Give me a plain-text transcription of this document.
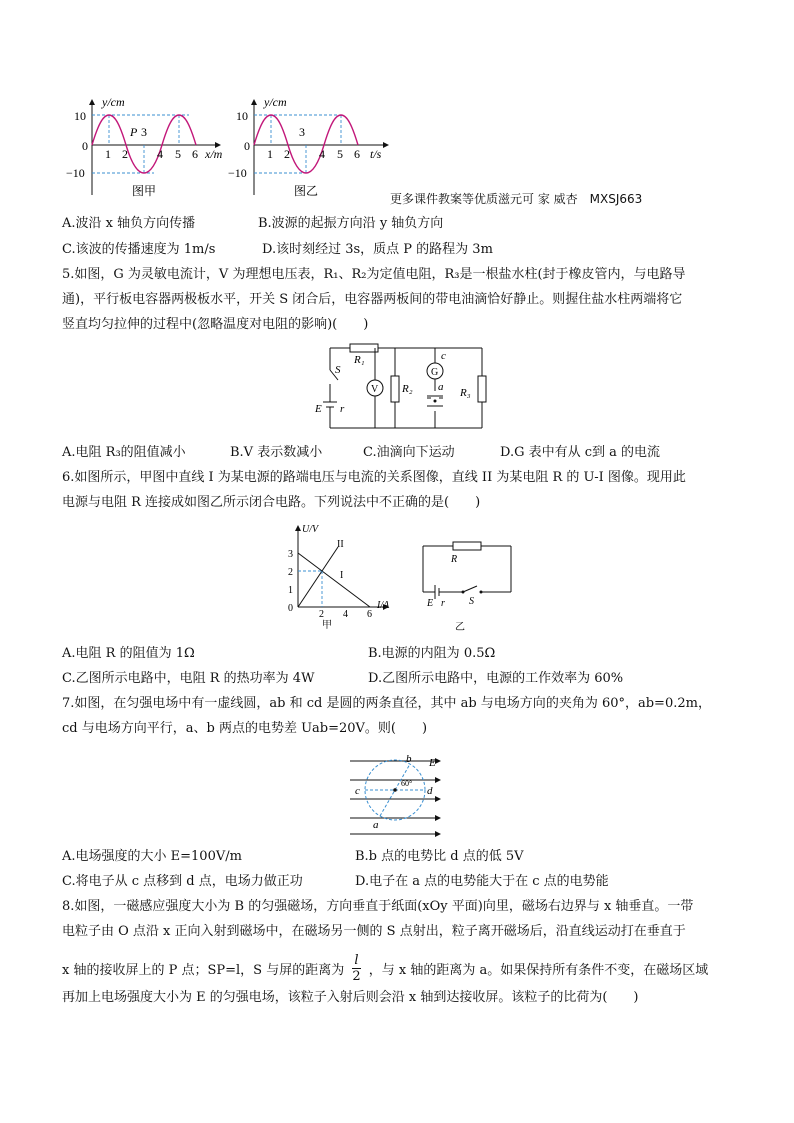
y/cm
10
0
−10
1 2
3
4 5 6
P
x/m
图甲
y/cm
10
0
−10
1 2
3
4 5 6 t/s
图乙
更多课件教案等优质滋元可 家 威杏　MXSJ663
A.波沿 x 轴负方向传播	B.波源的起振方向沿 y 轴负方向
C.该波的传播速度为 1m/s	D.该时刻经过 3s，质点 P 的路程为 3m
5.如图，G 为灵敏电流计，V 为理想电压表，R₁、R₂为定值电阻，R₃是一根盐水柱(封于橡皮管内，与电路导
通)，平行板电容器两极板水平，开关 S 闭合后，电容器两板间的带电油滴恰好静止。则握住盐水柱两端将它
竖直均匀拉伸的过程中(忽略温度对电阻的影响)(　　)
R₁
S
E r
V R₂
G
c
a R₃
A.电阻 R₃的阻值减小	B.V 表示数减小	C.油滴向下运动	D.G 表中有从 c到 a 的电流
6.如图所示，甲图中直线 I 为某电源的路端电压与电流的关系图像，直线 II 为某电阻 R 的 U-I 图像。现用此
电源与电阻 R 连接成如图乙所示闭合电路。下列说法中不正确的是(　　)
U/V
3
2
1
0
2 4 6
I/A
II
I
甲
R
E r S
乙
A.电阻 R 的阻值为 1Ω	B.电源的内阻为 0.5Ω
C.乙图所示电路中，电阻 R 的热功率为 4W	D.乙图所示电路中，电源的工作效率为 60%
7.如图，在匀强电场中有一虚线圆，ab 和 cd 是圆的两条直径，其中 ab 与电场方向的夹角为 60°，ab=0.2m，
cd 与电场方向平行，a、b 两点的电势差 Uab=20V。则(　　)
E
b
c	d
a
60°
A.电场强度的大小 E=100V/m	B.b 点的电势比 d 点的低 5V
C.将电子从 c 点移到 d 点，电场力做正功	D.电子在 a 点的电势能大于在 c 点的电势能
8.如图，一磁感应强度大小为 B 的匀强磁场，方向垂直于纸面(xOy 平面)向里，磁场右边界与 x 轴垂直。一带
电粒子由 O 点沿 x 正向入射到磁场中，在磁场另一侧的 S 点射出，粒子离开磁场后，沿直线运动打在垂直于
x 轴的接收屏上的 P 点；SP=l，S 与屏的距离为 $\frac{l}{2}$ ，与 x 轴的距离为 a。如果保持所有条件不变，在磁场区域
再加上电场强度大小为 E 的匀强电场，该粒子入射后则会沿 x 轴到达接收屏。该粒子的比荷为(　　)
